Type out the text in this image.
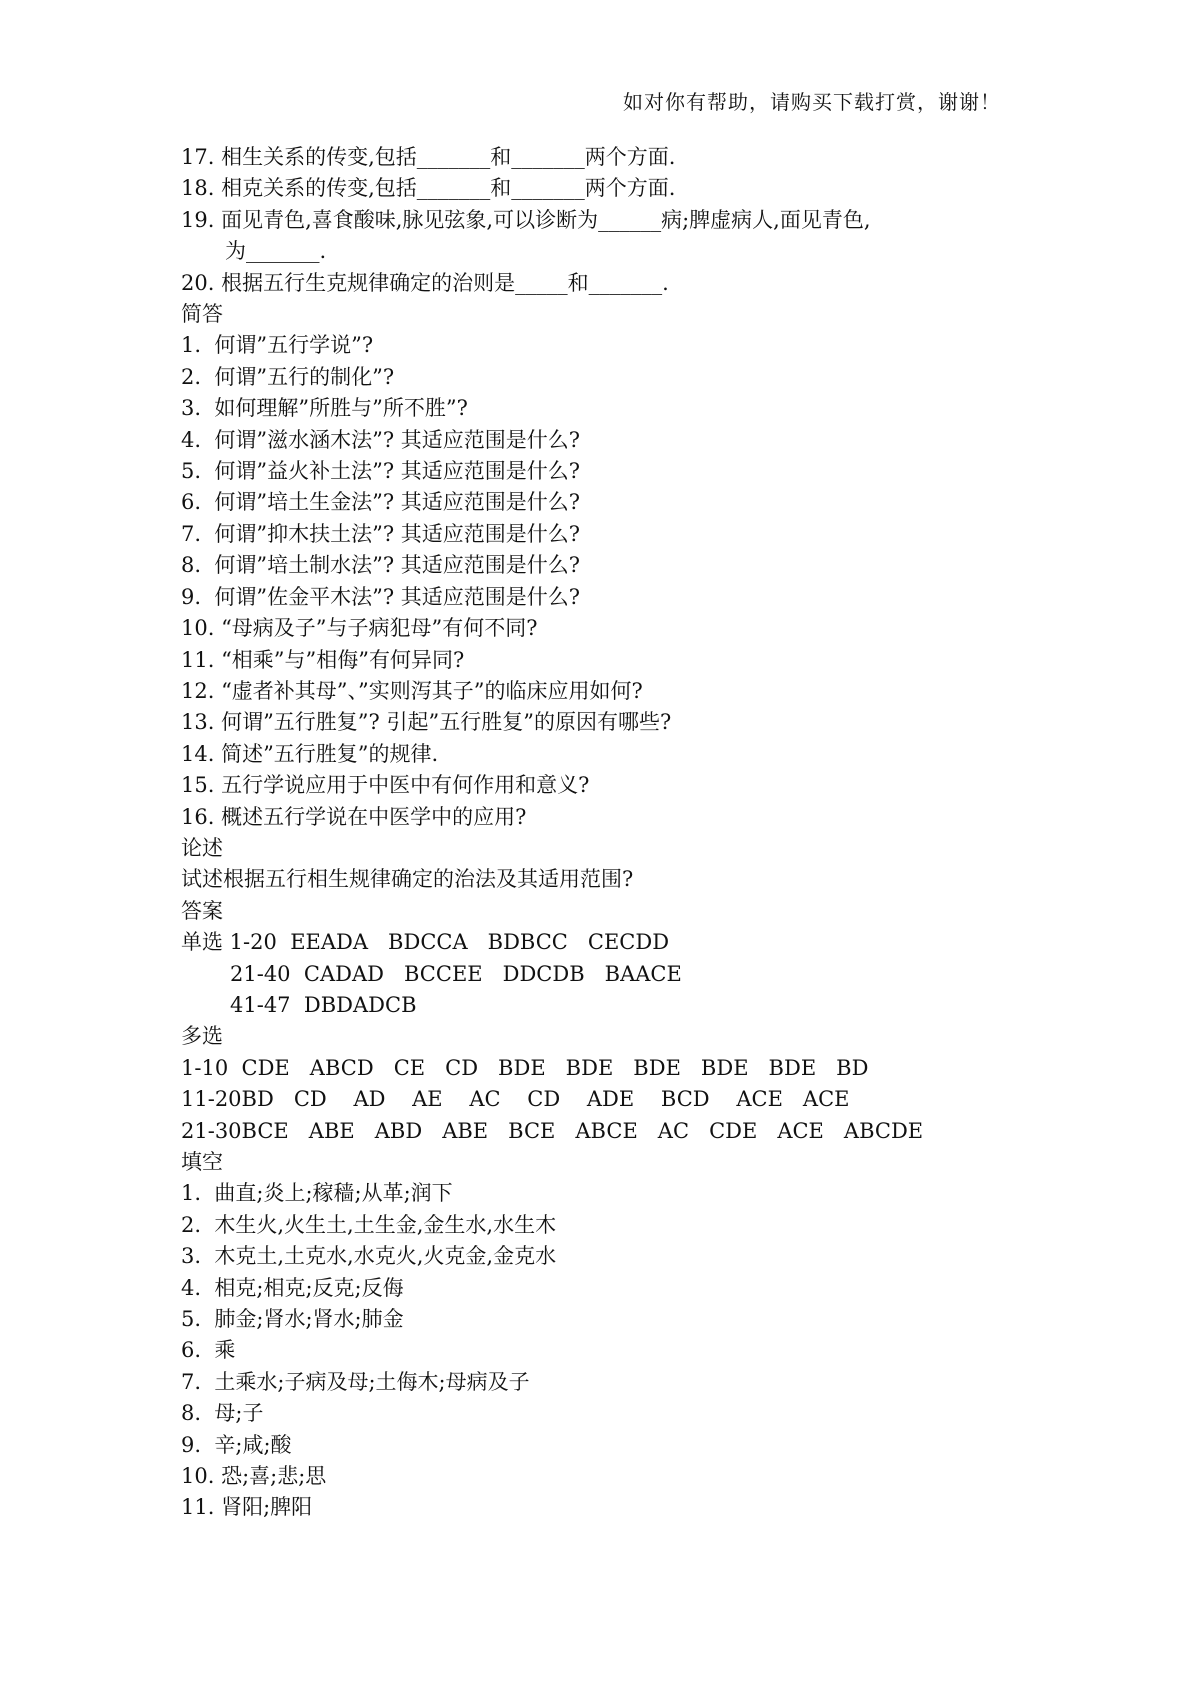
如对你有帮助，请购买下载打赏，谢谢！
17. 相生关系的传变,包括_______和_______两个方面.
18. 相克关系的传变,包括_______和_______两个方面.
19. 面见青色,喜食酸味,脉见弦象,可以诊断为______病;脾虚病人,面见青色,
为_______.
20. 根据五行生克规律确定的治则是_____和_______.
简答
1.  何谓”五行学说”?
2.  何谓”五行的制化”?
3.  如何理解”所胜与”所不胜”?
4.  何谓”滋水涵木法”? 其适应范围是什么?
5.  何谓”益火补土法”? 其适应范围是什么?
6.  何谓”培土生金法”? 其适应范围是什么?
7.  何谓”抑木扶土法”? 其适应范围是什么?
8.  何谓”培土制水法”? 其适应范围是什么?
9.  何谓”佐金平木法”? 其适应范围是什么?
10. “母病及子”与子病犯母”有何不同?
11. “相乘”与”相侮”有何异同?
12. “虚者补其母”、”实则泻其子”的临床应用如何?
13. 何谓”五行胜复”? 引起”五行胜复”的原因有哪些?
14. 简述”五行胜复”的规律.
15. 五行学说应用于中医中有何作用和意义?
16. 概述五行学说在中医学中的应用?
论述
试述根据五行相生规律确定的治法及其适用范围?
答案
单选 1-20  EEADA   BDCCA   BDBCC   CECDD
21-40  CADAD   BCCEE   DDCDB   BAACE
41-47  DBDADCB
多选
1-10  CDE   ABCD   CE   CD   BDE   BDE   BDE   BDE   BDE   BD
11-20BD   CD    AD    AE    AC    CD    ADE    BCD    ACE   ACE
21-30BCE   ABE   ABD   ABE   BCE   ABCE   AC   CDE   ACE   ABCDE
填空
1.  曲直;炎上;稼穑;从革;润下
2.  木生火,火生土,土生金,金生水,水生木
3.  木克土,土克水,水克火,火克金,金克水
4.  相克;相克;反克;反侮
5.  肺金;肾水;肾水;肺金
6.  乘
7.  土乘水;子病及母;土侮木;母病及子
8.  母;子
9.  辛;咸;酸
10. 恐;喜;悲;思
11. 肾阳;脾阳
